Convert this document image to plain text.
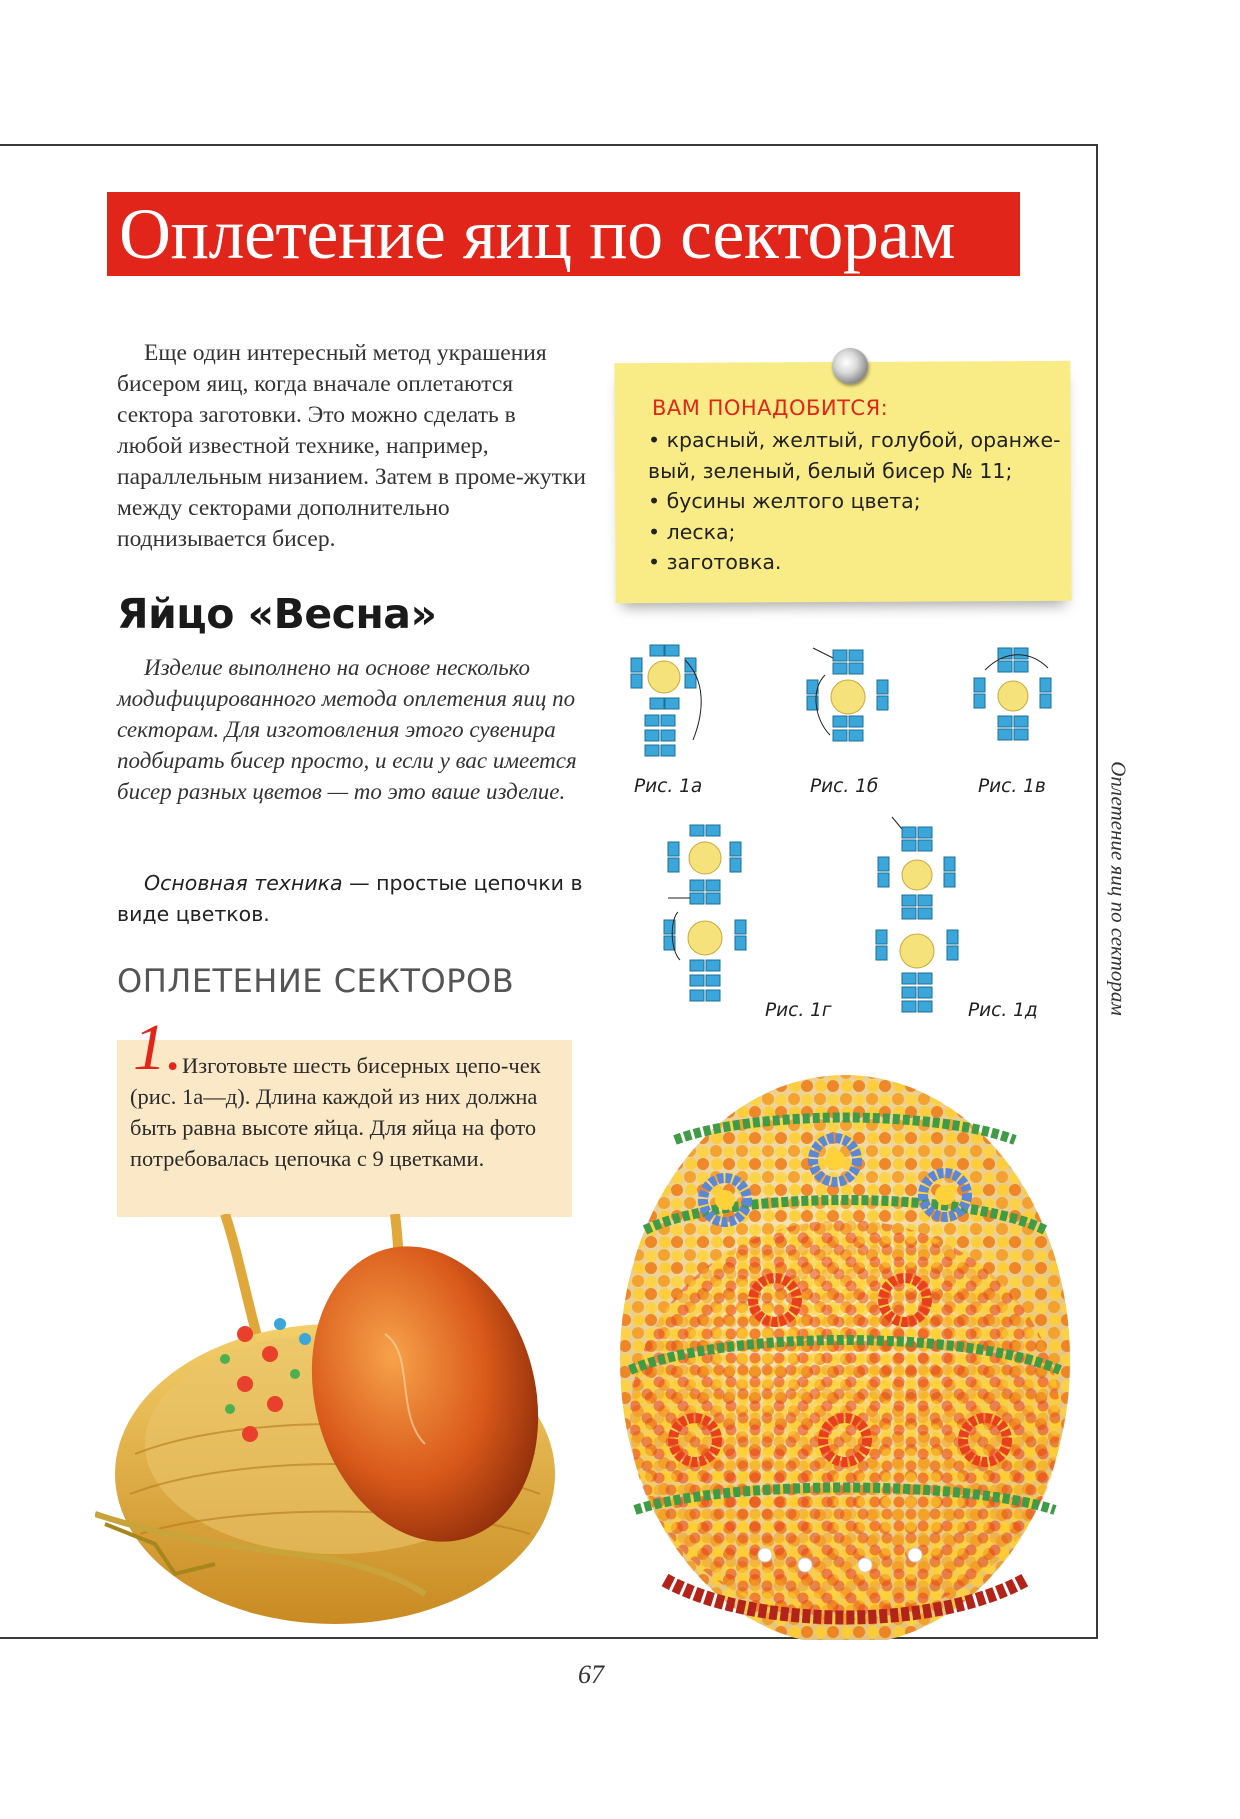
Оплетение яиц по секторам

Еще один интересный метод украшения бисером яиц, когда вначале оплетаются сектора заготовки. Это можно сделать в любой известной технике, например, параллельным низанием. Затем в проме-жутки между секторами дополнительно поднизывается бисер.

ВАМ ПОНАДОБИТСЯ:
• красный, желтый, голубой, оранже-
вый, зеленый, белый бисер № 11;
• бусины желтого цвета;
• леска;
• заготовка.
Яйцо «Весна»

Изделие выполнено на основе несколько модифицированного метода оплетения яиц по секторам. Для изготовления этого сувенира подбирать бисер просто, и если у вас имеется бисер разных цветов — то это ваше изделие.

Основная техника — простые цепочки в виде цветков.

ОПЛЕТЕНИЕ СЕКТОРОВ
1. Изготовьте шесть бисерных цепо-чек (рис. 1а—д). Длина каждой из них должна быть равна высоте яйца. Для яйца на фото потребовалась цепочка с 9 цветками.

Рис. 1а	Рис. 1б	Рис. 1в
Рис. 1г	Рис. 1д	Оплетение яиц по секторам
67
